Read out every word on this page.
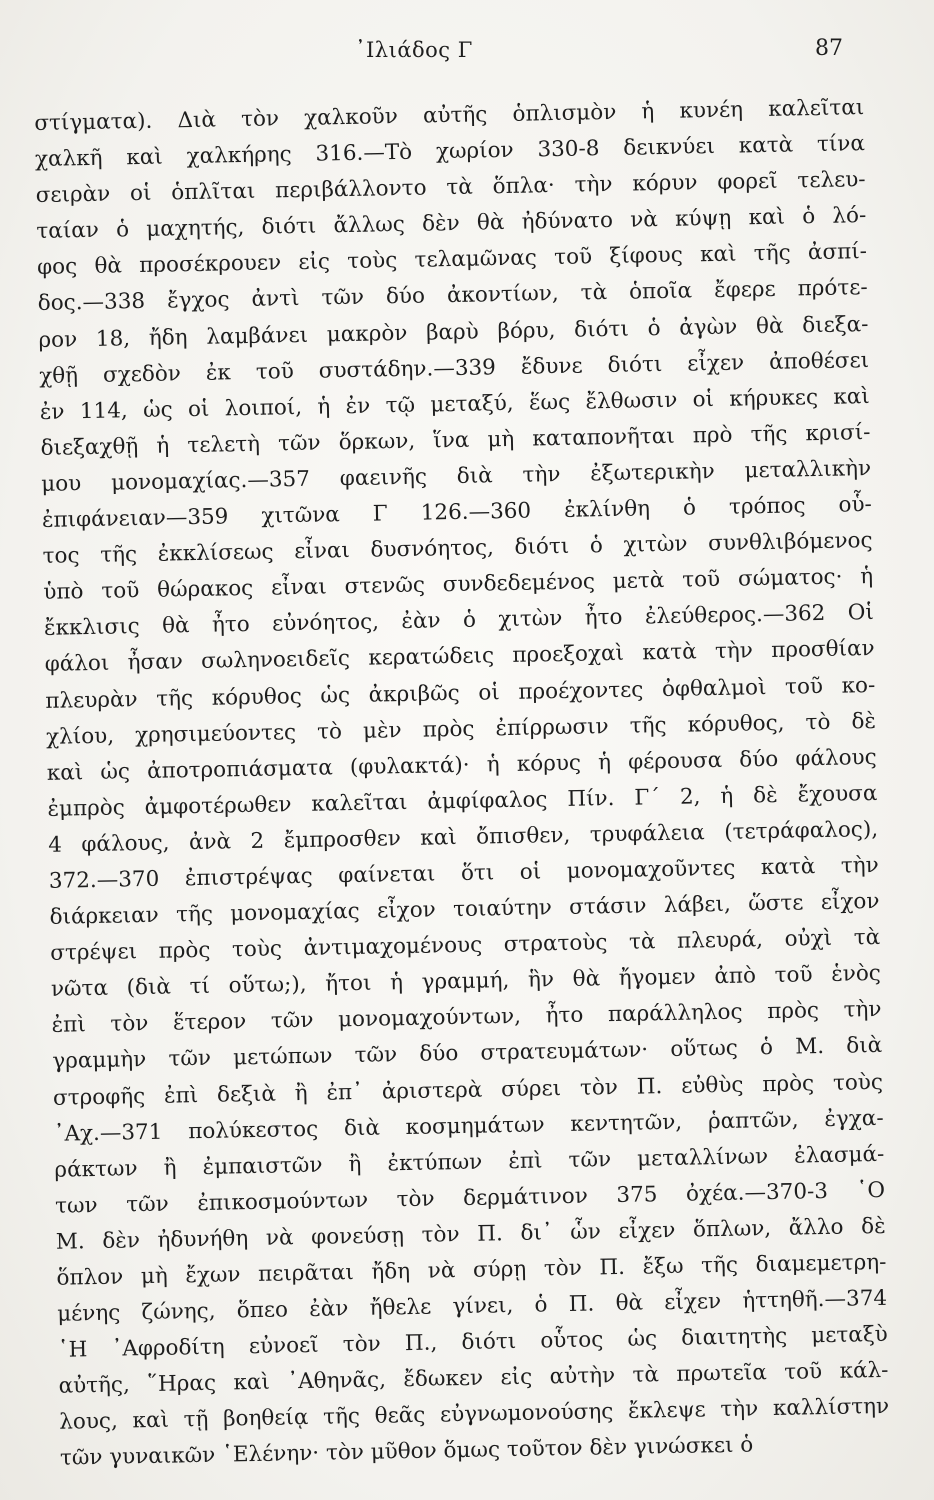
᾿Ιλιάδος Γ	87
στίγματα). Διὰ τὸν χαλκοῦν αὐτῆς ὁπλισμὸν ἡ κυνέη καλεῖται
χαλκῆ καὶ χαλκήρης 316.—Τὸ χωρίον 330-8 δεικνύει κατὰ τίνα
σειρὰν οἱ ὁπλῖται περιβάλλοντο τὰ ὅπλα· τὴν κόρυν φορεῖ τελευ-
ταίαν ὁ μαχητής, διότι ἄλλως δὲν θὰ ἠδύνατο νὰ κύψῃ καὶ ὁ λό-
φος θὰ προσέκρουεν εἰς τοὺς τελαμῶνας τοῦ ξίφους καὶ τῆς ἀσπί-
δος.—338 ἔγχος ἀντὶ τῶν δύο ἀκοντίων, τὰ ὁποῖα ἔφερε πρότε-
ρον 18, ἤδη λαμβάνει μακρὸν βαρὺ βόρυ, διότι ὁ ἀγὼν θὰ διεξα-
χθῇ σχεδὸν ἐκ τοῦ συστάδην.—339 ἔδυνε διότι εἶχεν ἀποθέσει
ἐν 114, ὡς οἱ λοιποί, ἡ ἐν τῷ μεταξύ, ἕως ἔλθωσιν οἱ κήρυκες καὶ
διεξαχθῇ ἡ τελετὴ τῶν ὅρκων, ἵνα μὴ καταπονῆται πρὸ τῆς κρισί-
μου μονομαχίας.—357 φαεινῆς διὰ τὴν ἐξωτερικὴν μεταλλικὴν
ἐπιφάνειαν—359 χιτῶνα Γ 126.—360 ἐκλίνθη ὁ τρόπος οὗ-
τος τῆς ἐκκλίσεως εἶναι δυσνόητος, διότι ὁ χιτὼν συνθλιβόμενος
ὑπὸ τοῦ θώρακος εἶναι στενῶς συνδεδεμένος μετὰ τοῦ σώματος· ἡ
ἔκκλισις θὰ ἦτο εὐνόητος, ἐὰν ὁ χιτὼν ἦτο ἐλεύθερος.—362 Οἱ
φάλοι ἦσαν σωληνοειδεῖς κερατώδεις προεξοχαὶ κατὰ τὴν προσθίαν
πλευρὰν τῆς κόρυθος ὡς ἀκριβῶς οἱ προέχοντες ὀφθαλμοὶ τοῦ κο-
χλίου, χρησιμεύοντες τὸ μὲν πρὸς ἐπίρρωσιν τῆς κόρυθος, τὸ δὲ
καὶ ὡς ἀποτροπιάσματα (φυλακτά)· ἡ κόρυς ἡ φέρουσα δύο φάλους
ἐμπρὸς ἀμφοτέρωθεν καλεῖται ἀμφίφαλος Πίν. Γ΄ 2, ἡ δὲ ἔχουσα
4 φάλους, ἀνὰ 2 ἔμπροσθεν καὶ ὄπισθεν, τρυφάλεια (τετράφαλος),
372.—370 ἐπιστρέψας φαίνεται ὅτι οἱ μονομαχοῦντες κατὰ τὴν
διάρκειαν τῆς μονομαχίας εἶχον τοιαύτην στάσιν λάβει, ὥστε εἶχον
στρέψει πρὸς τοὺς ἀντιμαχομένους στρατοὺς τὰ πλευρά, οὐχὶ τὰ
νῶτα (διὰ τί οὕτω;), ἤτοι ἡ γραμμή, ἣν θὰ ἤγομεν ἀπὸ τοῦ ἑνὸς
ἐπὶ τὸν ἕτερον τῶν μονομαχούντων, ἦτο παράλληλος πρὸς τὴν
γραμμὴν τῶν μετώπων τῶν δύο στρατευμάτων· οὕτως ὁ Μ. διὰ
στροφῆς ἐπὶ δεξιὰ ἢ ἐπ᾿ ἀριστερὰ σύρει τὸν Π. εὐθὺς πρὸς τοὺς
᾿Αχ.—371 πολύκεστος διὰ κοσμημάτων κεντητῶν, ῥαπτῶν, ἐγχα-
ράκτων ἢ ἐμπαιστῶν ἢ ἐκτύπων ἐπὶ τῶν μεταλλίνων ἐλασμά-
των τῶν ἐπικοσμούντων τὸν δερμάτινον 375 ὀχέα.—370-3 ῾Ο
Μ. δὲν ἠδυνήθη νὰ φονεύσῃ τὸν Π. δι᾿ ὧν εἶχεν ὅπλων, ἄλλο δὲ
ὅπλον μὴ ἔχων πειρᾶται ἤδη νὰ σύρῃ τὸν Π. ἔξω τῆς διαμεμετρη-
μένης ζώνης, ὅπεο ἐὰν ἤθελε γίνει, ὁ Π. θὰ εἶχεν ἡττηθῆ.—374
῾Η ᾿Αφροδίτη εὐνοεῖ τὸν Π., διότι οὗτος ὡς διαιτητὴς μεταξὺ
αὐτῆς, ῞Ηρας καὶ ᾿Αθηνᾶς, ἔδωκεν εἰς αὐτὴν τὰ πρωτεῖα τοῦ κάλ-
λους, καὶ τῇ βοηθείᾳ τῆς θεᾶς εὐγνωμονούσης ἔκλεψε τὴν καλλίστην
τῶν γυναικῶν ῾Ελένην· τὸν μῦθον ὅμως τοῦτον δὲν γινώσκει ὁ
